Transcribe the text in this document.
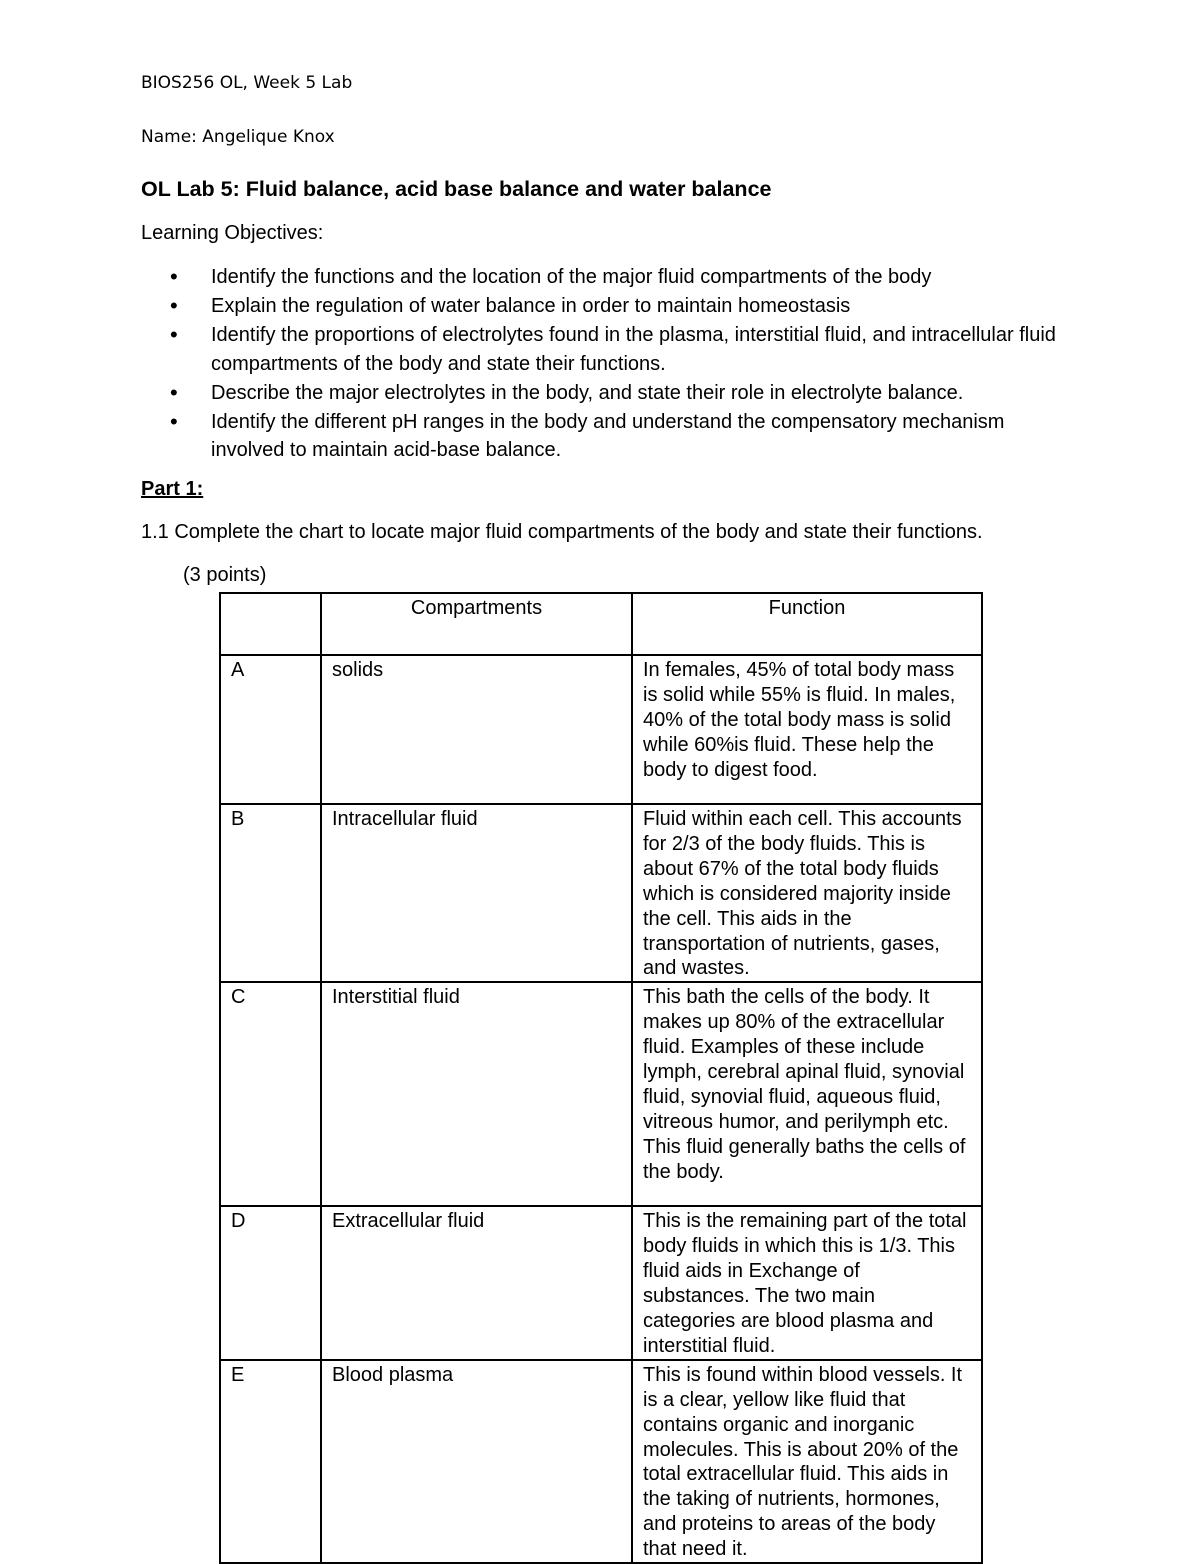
BIOS256 OL, Week 5 Lab
Name: Angelique Knox
OL Lab 5: Fluid balance, acid base balance and water balance
Learning Objectives:
• Identify the functions and the location of the major fluid compartments of the body
• Explain the regulation of water balance in order to maintain homeostasis
• Identify the proportions of electrolytes found in the plasma, interstitial fluid, and intracellular fluid compartments of the body and state their functions.
• Describe the major electrolytes in the body, and state their role in electrolyte balance.
• Identify the different pH ranges in the body and understand the compensatory mechanism involved to maintain acid-base balance.
Part 1:
1.1 Complete the chart to locate major fluid compartments of the body and state their functions.
(3 points)
	Compartments	Function
A	solids	In females, 45% of total body mass is solid while 55% is fluid. In males, 40% of the total body mass is solid while 60%is fluid. These help the body to digest food.
B	Intracellular fluid	Fluid within each cell. This accounts for 2/3 of the body fluids. This is about 67% of the total body fluids which is considered majority inside the cell. This aids in the transportation of nutrients, gases, and wastes.
C	Interstitial fluid	This bath the cells of the body. It makes up 80% of the extracellular fluid. Examples of these include lymph, cerebral apinal fluid, synovial fluid, synovial fluid, aqueous fluid, vitreous humor, and perilymph etc. This fluid generally baths the cells of the body.
D	Extracellular fluid	This is the remaining part of the total body fluids in which this is 1/3. This fluid aids in Exchange of substances. The two main categories are blood plasma and interstitial fluid.
E	Blood plasma	This is found within blood vessels. It is a clear, yellow like fluid that contains organic and inorganic molecules. This is about 20% of the total extracellular fluid. This aids in the taking of nutrients, hormones, and proteins to areas of the body that need it.
